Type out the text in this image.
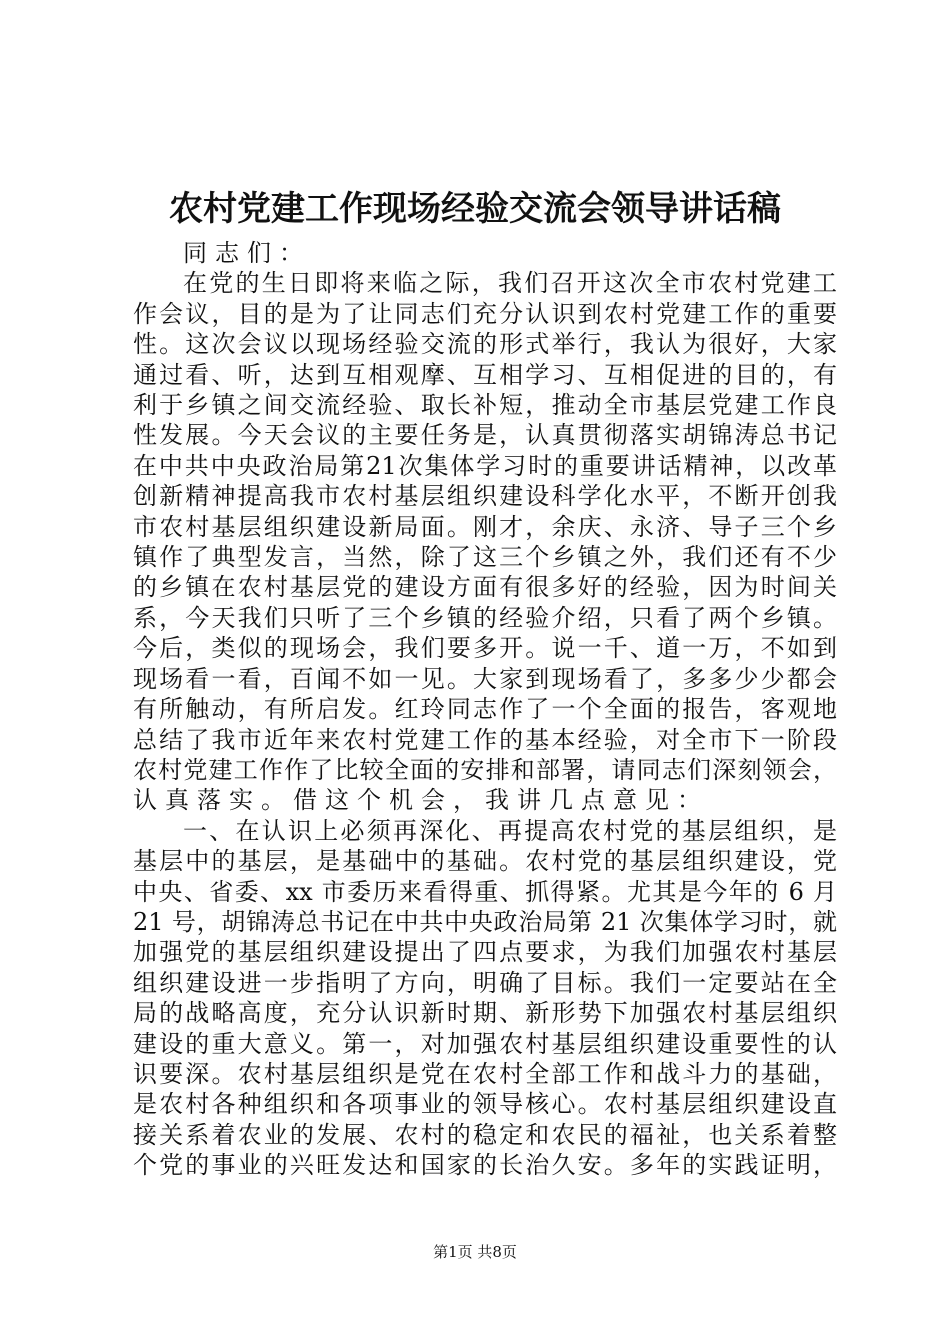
农村党建工作现场经验交流会领导讲话稿
同志们：
在党的生日即将来临之际，我们召开这次全市农村党建工
作会议，目的是为了让同志们充分认识到农村党建工作的重要
性。这次会议以现场经验交流的形式举行，我认为很好，大家
通过看、听，达到互相观摩、互相学习、互相促进的目的，有
利于乡镇之间交流经验、取长补短，推动全市基层党建工作良
性发展。今天会议的主要任务是，认真贯彻落实胡锦涛总书记
在中共中央政治局第21次集体学习时的重要讲话精神，以改革
创新精神提高我市农村基层组织建设科学化水平，不断开创我
市农村基层组织建设新局面。刚才，余庆、永济、导子三个乡
镇作了典型发言，当然，除了这三个乡镇之外，我们还有不少
的乡镇在农村基层党的建设方面有很多好的经验，因为时间关
系，今天我们只听了三个乡镇的经验介绍，只看了两个乡镇。
今后，类似的现场会，我们要多开。说一千、道一万，不如到
现场看一看，百闻不如一见。大家到现场看了，多多少少都会
有所触动，有所启发。红玲同志作了一个全面的报告，客观地
总结了我市近年来农村党建工作的基本经验，对全市下一阶段
农村党建工作作了比较全面的安排和部署，请同志们深刻领会，
认真落实。借这个机会，我讲几点意见：
一、在认识上必须再深化、再提高农村党的基层组织，是
基层中的基层，是基础中的基础。农村党的基层组织建设，党
中央、省委、xx 市委历来看得重、抓得紧。尤其是今年的 6 月
21 号，胡锦涛总书记在中共中央政治局第 21 次集体学习时，就
加强党的基层组织建设提出了四点要求，为我们加强农村基层
组织建设进一步指明了方向，明确了目标。我们一定要站在全
局的战略高度，充分认识新时期、新形势下加强农村基层组织
建设的重大意义。第一，对加强农村基层组织建设重要性的认
识要深。农村基层组织是党在农村全部工作和战斗力的基础，
是农村各种组织和各项事业的领导核心。农村基层组织建设直
接关系着农业的发展、农村的稳定和农民的福祉，也关系着整
个党的事业的兴旺发达和国家的长治久安。多年的实践证明，
第1页 共8页
